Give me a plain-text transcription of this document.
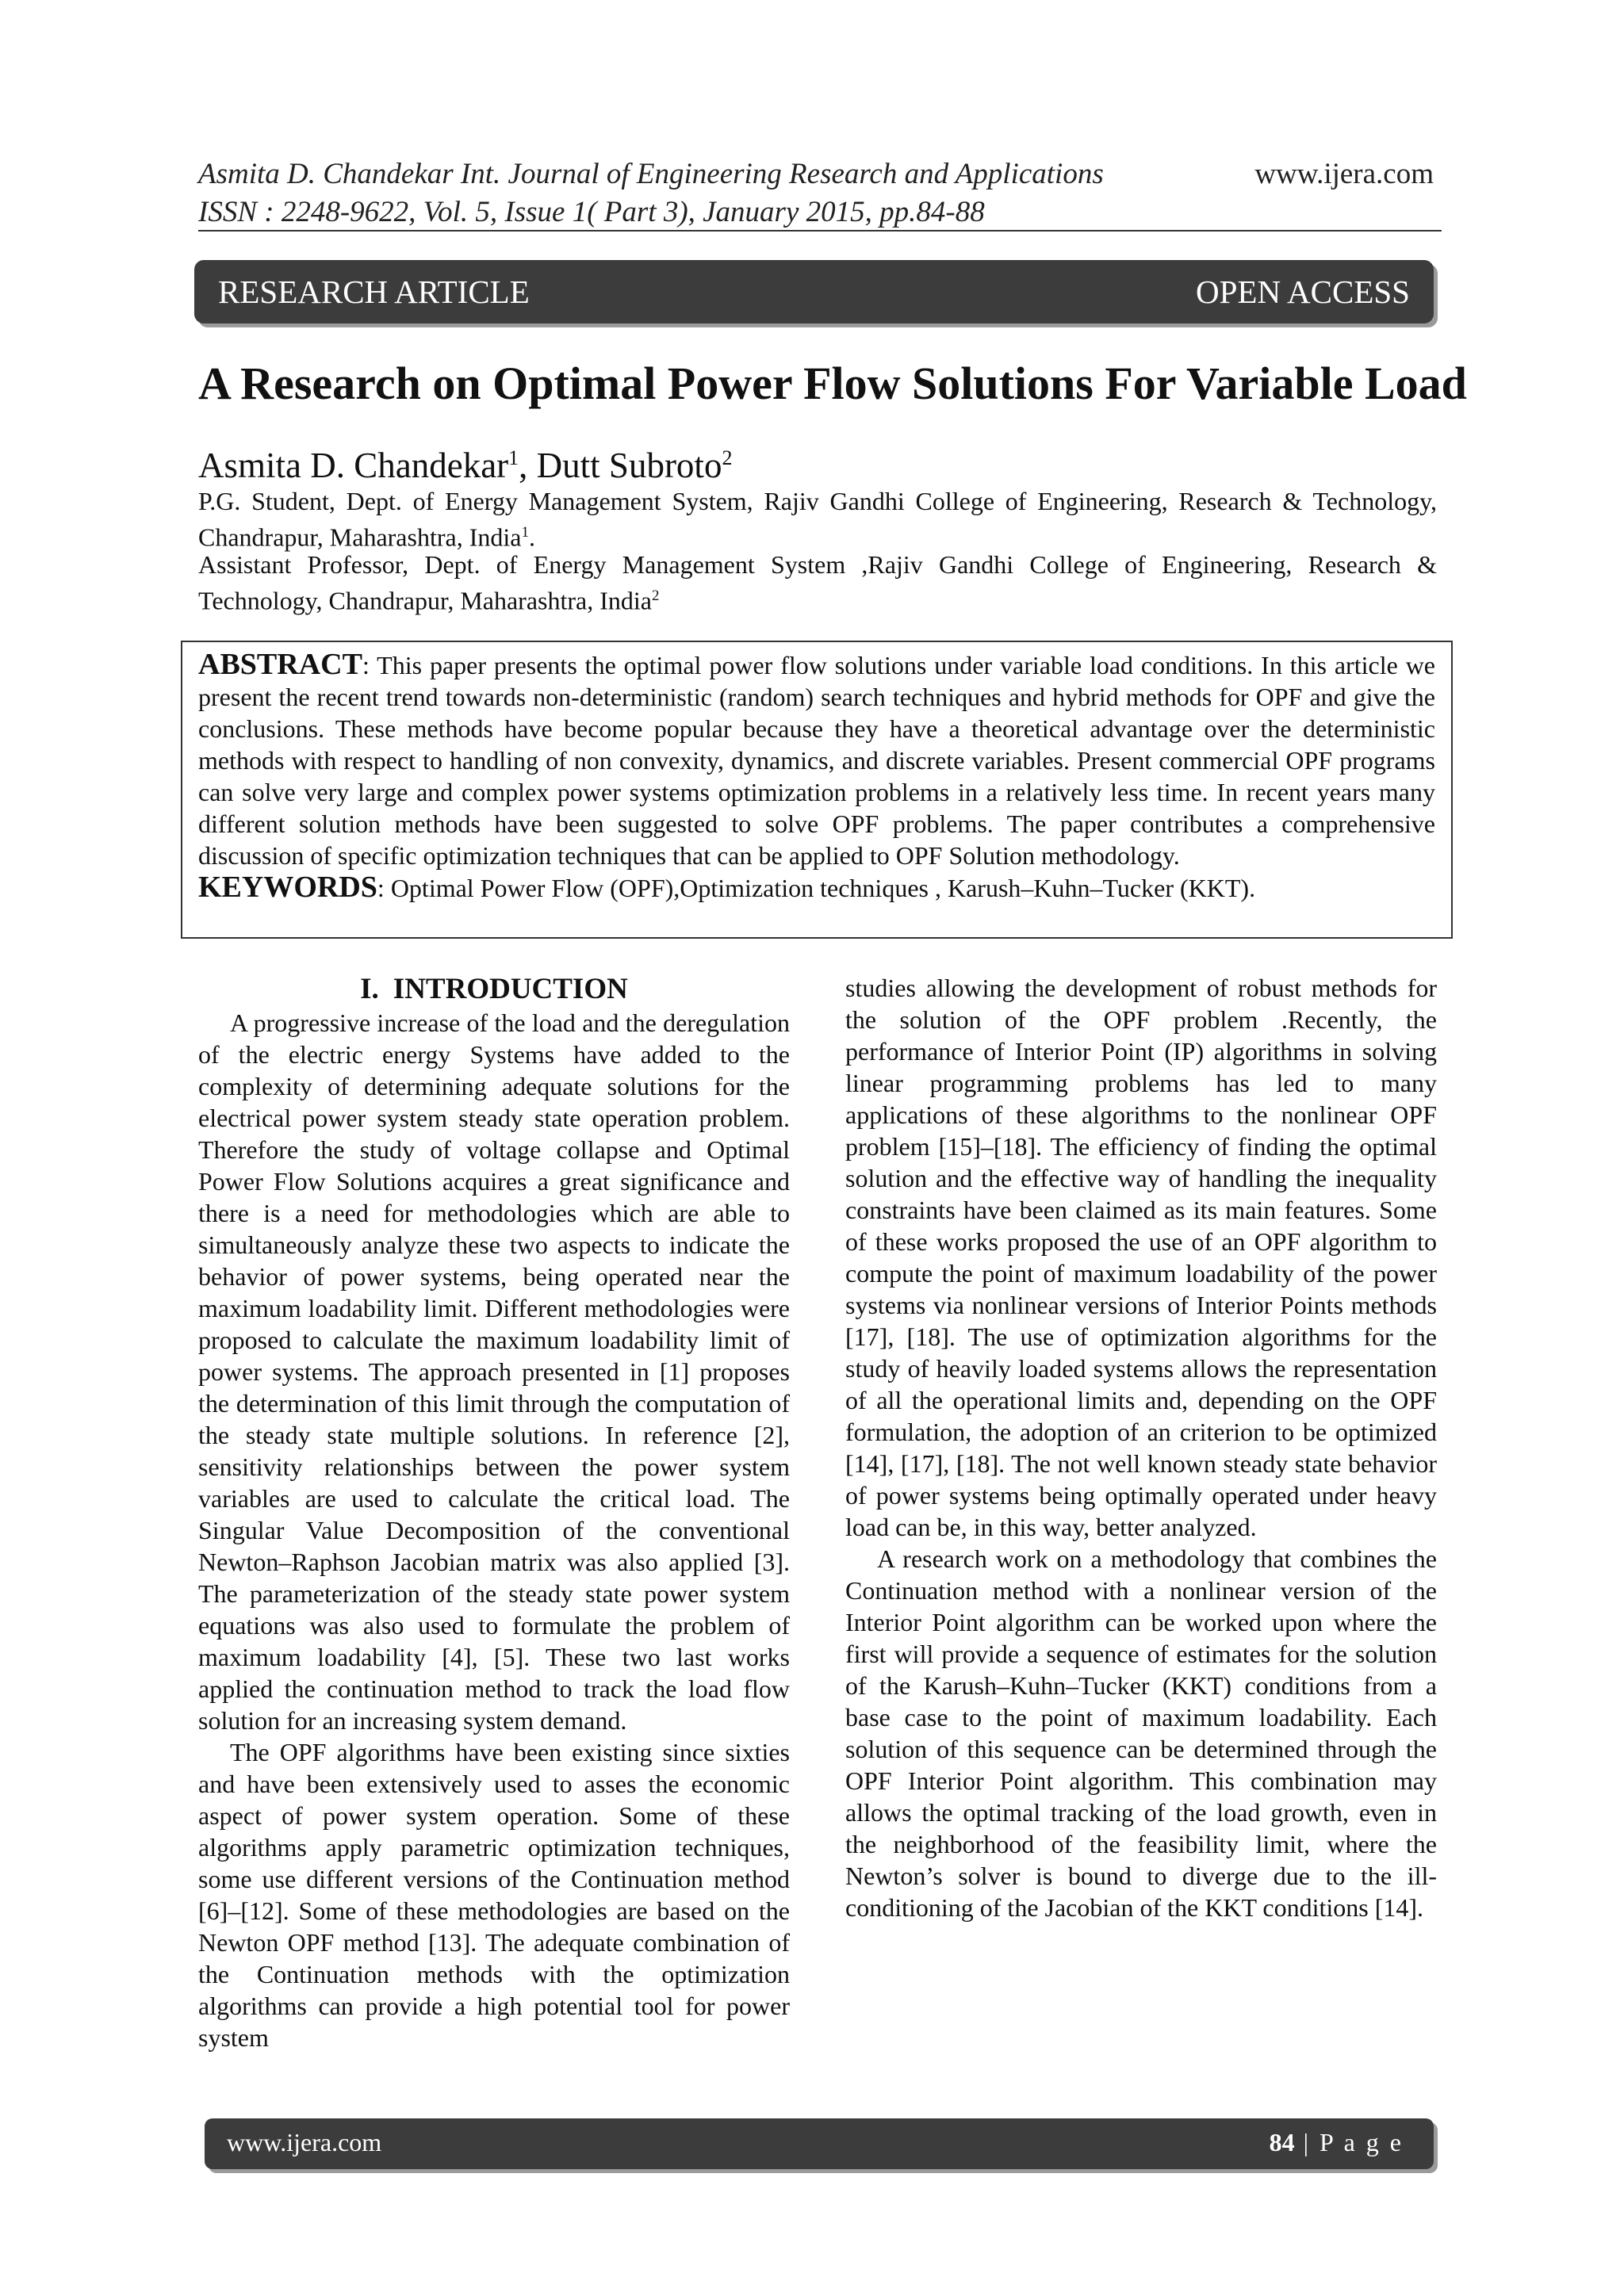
Asmita D. Chandekar Int. Journal of Engineering Research and Applications
ISSN : 2248-9622, Vol. 5, Issue 1( Part 3), January 2015, pp.84-88
www.ijera.com
RESEARCH ARTICLE	OPEN ACCESS
A Research on Optimal Power Flow Solutions For Variable Load
Asmita D. Chandekar$^1$, Dutt Subroto$^2$
P.G. Student, Dept. of Energy Management System, Rajiv Gandhi College of Engineering, Research & Technology, Chandrapur, Maharashtra, India$^1$.
Assistant Professor, Dept. of Energy Management System ,Rajiv Gandhi College of Engineering, Research & Technology, Chandrapur, Maharashtra, India$^2$

ABSTRACT: This paper presents the optimal power flow solutions under variable load conditions. In this article we present the recent trend towards non-deterministic (random) search techniques and hybrid methods for OPF and give the conclusions. These methods have become popular because they have a theoretical advantage over the deterministic methods with respect to handling of non convexity, dynamics, and discrete variables. Present commercial OPF programs can solve very large and complex power systems optimization problems in a relatively less time. In recent years many different solution methods have been suggested to solve OPF problems. The paper contributes a comprehensive discussion of specific optimization techniques that can be applied to OPF Solution methodology.

KEYWORDS: Optimal Power Flow (OPF),Optimization techniques , Karush–Kuhn–Tucker (KKT).

I. INTRODUCTION

A progressive increase of the load and the deregulation of the electric energy Systems have added to the complexity of determining adequate solutions for the electrical power system steady state operation problem. Therefore the study of voltage collapse and Optimal Power Flow Solutions acquires a great significance and there is a need for methodologies which are able to simultaneously analyze these two aspects to indicate the behavior of power systems, being operated near the maximum loadability limit. Different methodologies were proposed to calculate the maximum loadability limit of power systems. The approach presented in [1] proposes the determination of this limit through the computation of the steady state multiple solutions. In reference [2], sensitivity relationships between the power system variables are used to calculate the critical load. The Singular Value Decomposition of the conventional Newton–Raphson Jacobian matrix was also applied [3]. The parameterization of the steady state power system equations was also used to formulate the problem of maximum loadability [4], [5]. These two last works applied the continuation method to track the load flow solution for an increasing system demand.

The OPF algorithms have been existing since sixties and have been extensively used to asses the economic aspect of power system operation. Some of these algorithms apply parametric optimization techniques, some use different versions of the Continuation method [6]–[12]. Some of these methodologies are based on the Newton OPF method [13]. The adequate combination of the Continuation methods with the optimization algorithms can provide a high potential tool for power system

studies allowing the development of robust methods for the solution of the OPF problem .Recently, the performance of Interior Point (IP) algorithms in solving linear programming problems has led to many applications of these algorithms to the nonlinear OPF problem [15]–[18]. The efficiency of finding the optimal solution and the effective way of handling the inequality constraints have been claimed as its main features. Some of these works proposed the use of an OPF algorithm to compute the point of maximum loadability of the power systems via nonlinear versions of Interior Points methods [17], [18]. The use of optimization algorithms for the study of heavily loaded systems allows the representation of all the operational limits and, depending on the OPF formulation, the adoption of an criterion to be optimized [14], [17], [18]. The not well known steady state behavior of power systems being optimally operated under heavy load can be, in this way, better analyzed.

A research work on a methodology that combines the Continuation method with a nonlinear version of the Interior Point algorithm can be worked upon where the first will provide a sequence of estimates for the solution of the Karush–Kuhn–Tucker (KKT) conditions from a base case to the point of maximum loadability. Each solution of this sequence can be determined through the OPF Interior Point algorithm. This combination may allows the optimal tracking of the load growth, even in the neighborhood of the feasibility limit, where the Newton’s solver is bound to diverge due to the ill-conditioning of the Jacobian of the KKT conditions [14].

www.ijera.com	84 | P a g e
